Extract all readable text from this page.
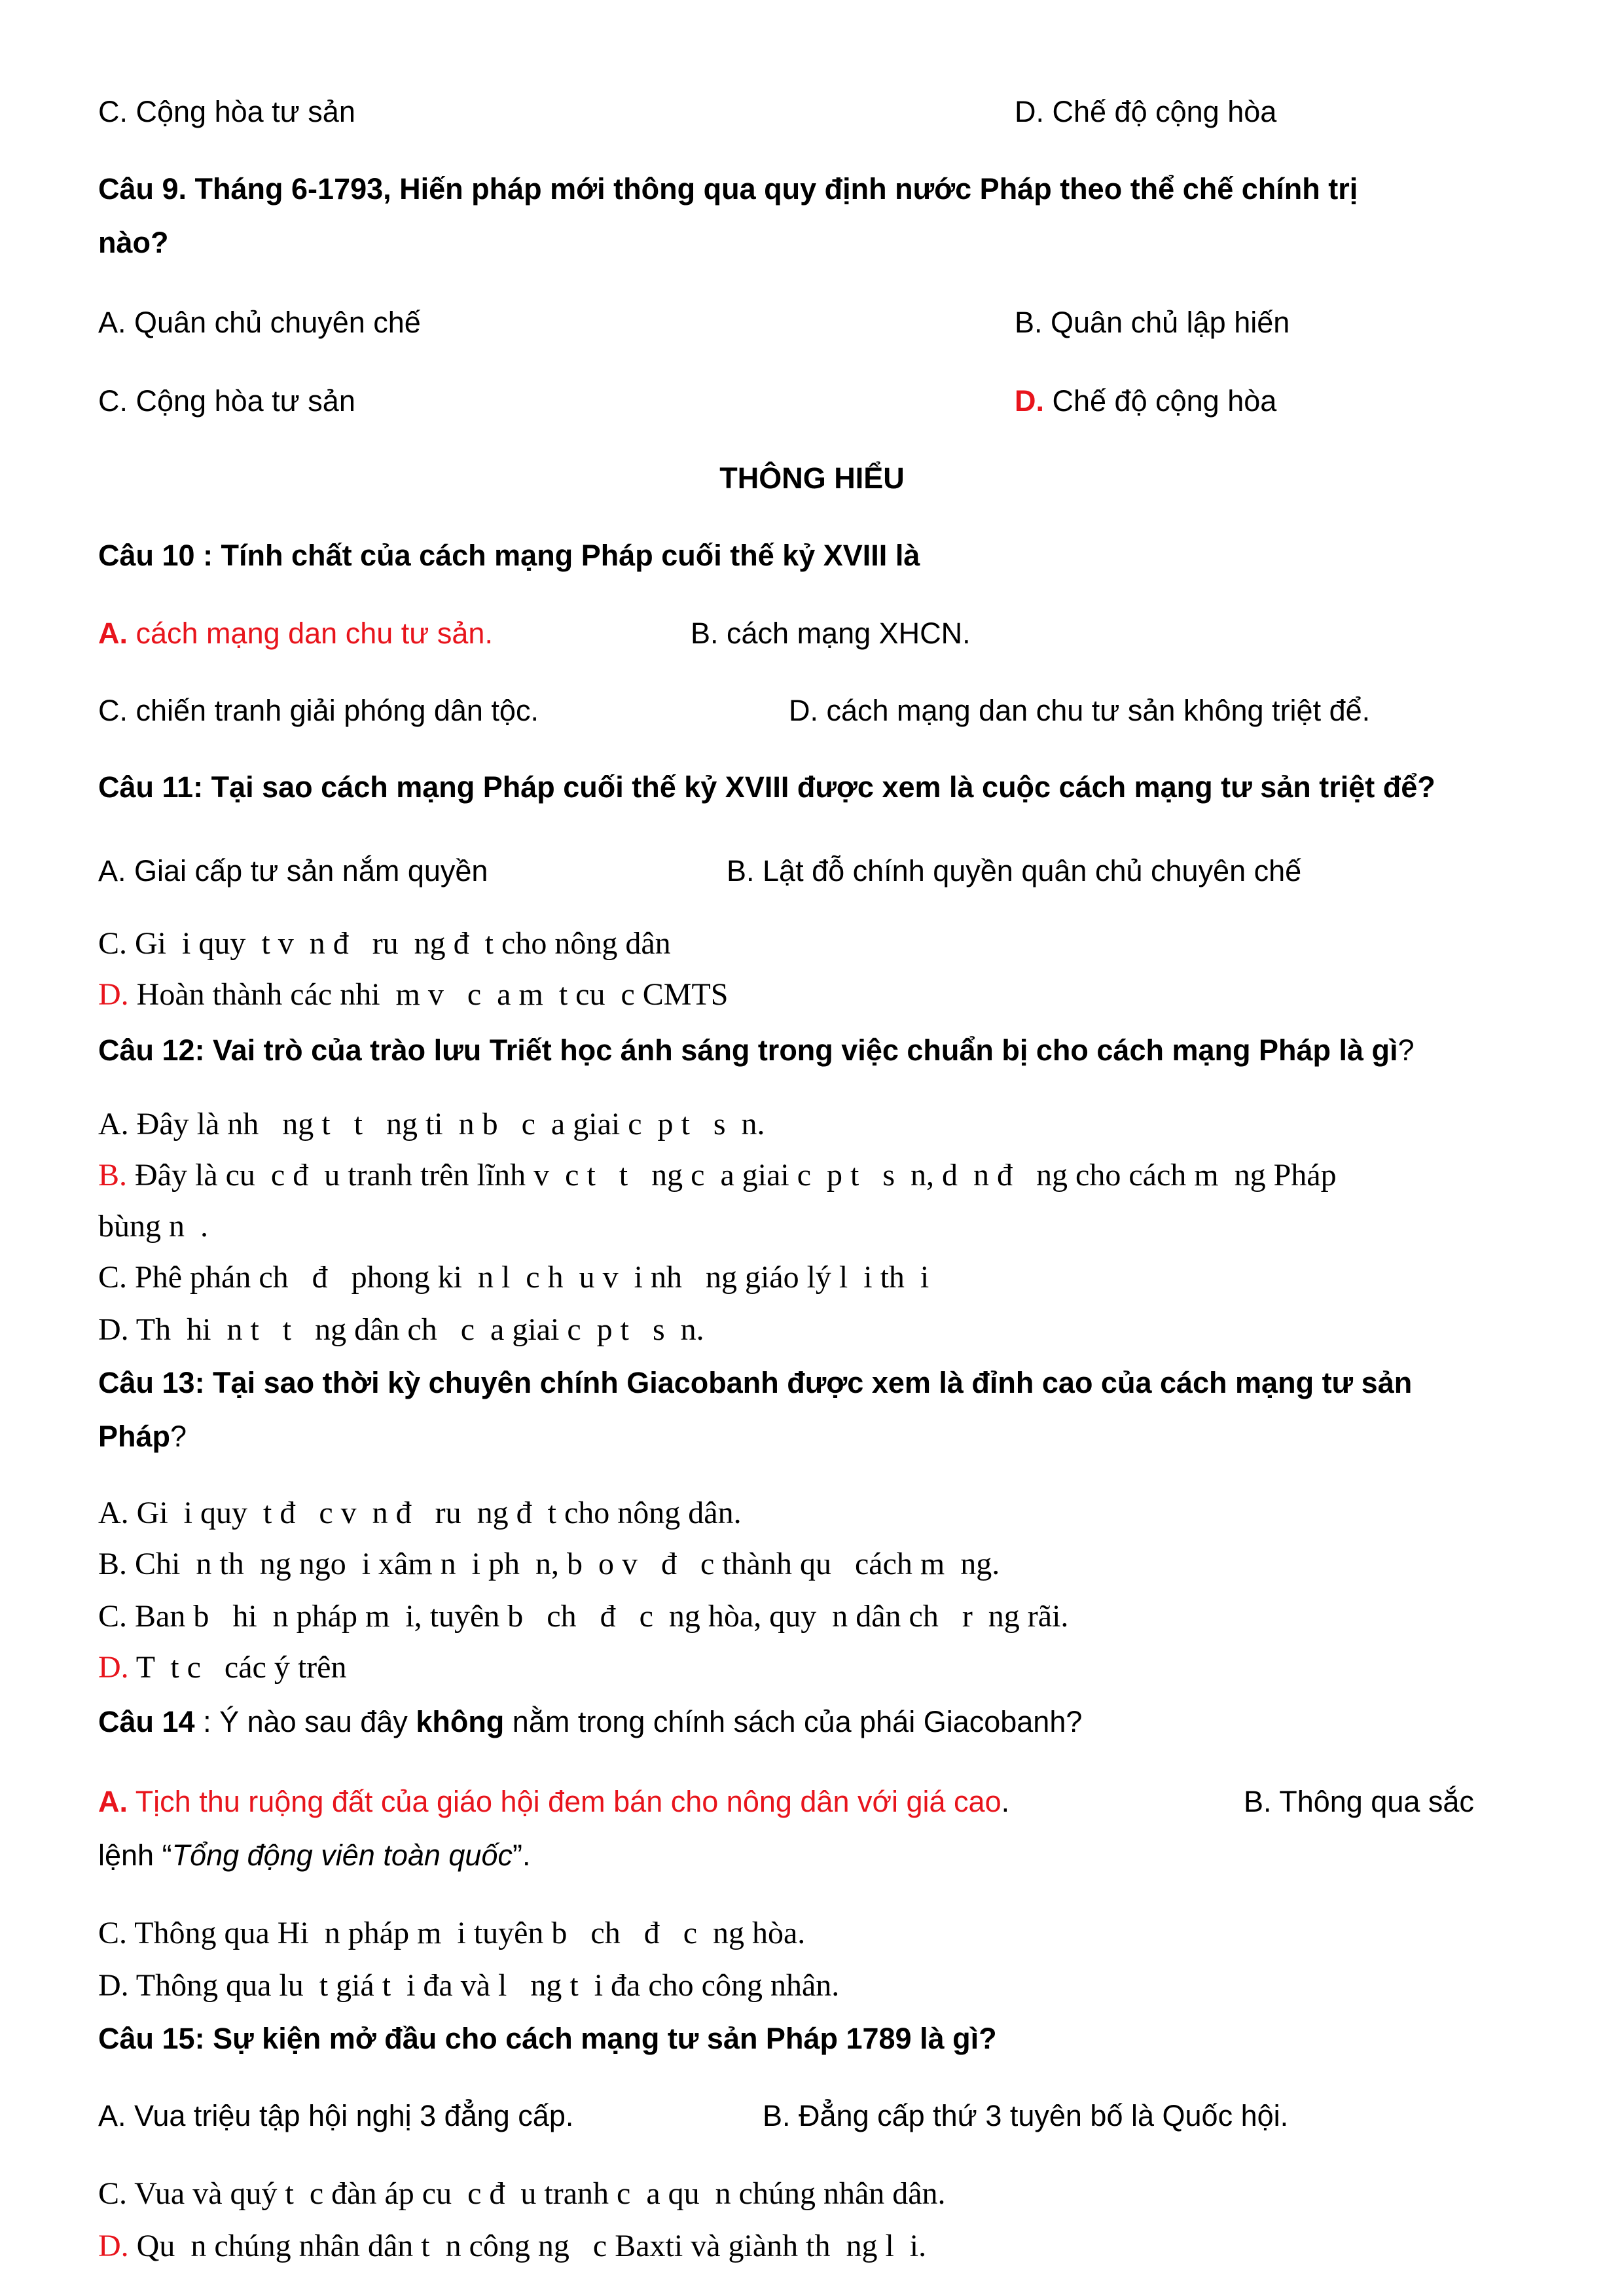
C. Cộng hòa tư sản	D. Chế độ cộng hòa
Câu 9. Tháng 6-1793, Hiến pháp mới thông qua quy định nước Pháp theo thể chế chính trị
nào?
A. Quân chủ chuyên chế	B. Quân chủ lập hiến
C. Cộng hòa tư sản	D. Chế độ cộng hòa
THÔNG HIỂU
Câu 10 : Tính chất của cách mạng Pháp cuối thế kỷ XVIII là
A. cách mạng dan chu tư sản.	B. cách mạng XHCN.
C. chiến tranh giải phóng dân tộc.	D. cách mạng dan chu tư sản không triệt để.
Câu 11: Tại sao cách mạng Pháp cuối thế kỷ XVIII được xem là cuộc cách mạng tư sản triệt để?
A. Giai cấp tư sản nắm quyền	B. Lật đỗ chính quyền quân chủ chuyên chế
C. Gi  i quy  t v  n đ   ru  ng đ  t cho nông dân
D. Hoàn thành các nhi  m v   c  a m  t cu  c CMTS
Câu 12: Vai trò của trào lưu Triết học ánh sáng trong việc chuẩn bị cho cách mạng Pháp là gì?
A. Đây là nh   ng t   t   ng ti  n b   c  a giai c  p t   s  n.
B. Đây là cu  c đ  u tranh trên lĩnh v  c t   t   ng c  a giai c  p t   s  n, d  n đ   ng cho cách m  ng Pháp
bùng n  .
C. Phê phán ch   đ   phong ki  n l  c h  u v  i nh   ng giáo lý l  i th  i
D. Th  hi  n t   t   ng dân ch   c  a giai c  p t   s  n.
Câu 13: Tại sao thời kỳ chuyên chính Giacobanh được xem là đỉnh cao của cách mạng tư sản
Pháp?
A. Gi  i quy  t đ   c v  n đ   ru  ng đ  t cho nông dân.
B. Chi  n th  ng ngo  i xâm n  i ph  n, b  o v   đ   c thành qu   cách m  ng.
C. Ban b   hi  n pháp m  i, tuyên b   ch   đ   c  ng hòa, quy  n dân ch   r  ng rãi.
D. T  t c   các ý trên
Câu 14 : Ý nào sau đây không nằm trong chính sách của phái Giacobanh?
A. Tịch thu ruộng đất của giáo hội đem bán cho nông dân với giá cao.	B. Thông qua sắc
lệnh “Tổng động viên toàn quốc”.
C. Thông qua Hi  n pháp m  i tuyên b   ch   đ   c  ng hòa.
D. Thông qua lu  t giá t  i đa và l   ng t  i đa cho công nhân.
Câu 15: Sự kiện mở đầu cho cách mạng tư sản Pháp 1789 là gì?
A. Vua triệu tập hội nghị 3 đẳng cấp.	B. Đẳng cấp thứ 3 tuyên bố là Quốc hội.
C. Vua và quý t  c đàn áp cu  c đ  u tranh c  a qu  n chúng nhân dân.
D. Qu  n chúng nhân dân t  n công ng   c Baxti và giành th  ng l  i.
